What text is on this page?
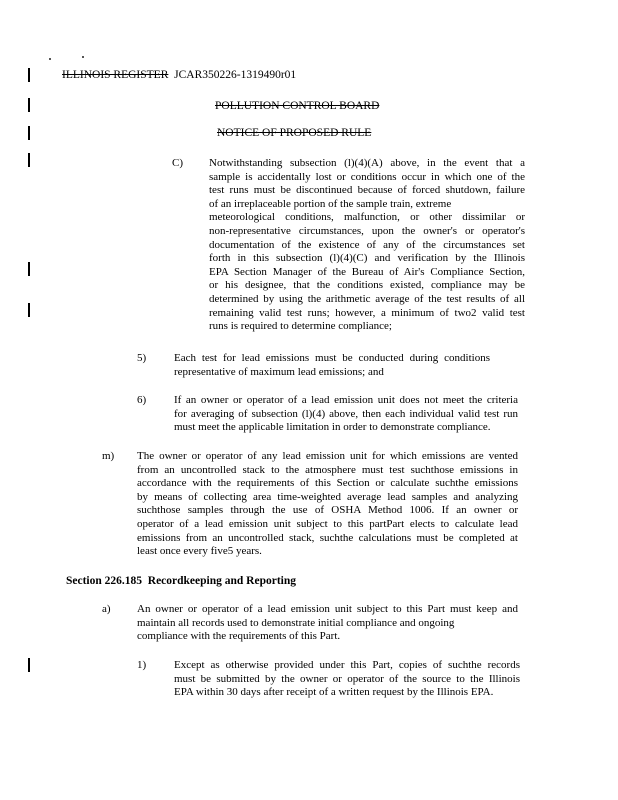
ILLINOIS REGISTER JCAR350226-1319490r01
POLLUTION CONTROL BOARD
NOTICE OF PROPOSED RULE
C) Notwithstanding subsection (l)(4)(A) above, in the event that a
sample is accidentally lost or conditions occur in which one of the
test runs must be discontinued because of forced shutdown, failure
of an irreplaceable portion of the sample train, extreme
meteorological conditions, malfunction, or other dissimilar or
non-representative circumstances, upon the owner's or operator's
documentation of the existence of any of the circumstances set
forth in this subsection (l)(4)(C) and verification by the Illinois
EPA Section Manager of the Bureau of Air's Compliance Section,
or his designee, that the conditions existed, compliance may be
determined by using the arithmetic average of the test results of all
remaining valid test runs; however, a minimum of two2 valid test
runs is required to determine compliance;
5)	Each test for lead emissions must be conducted during conditions
representative of maximum lead emissions; and
6)	If an owner or operator of a lead emission unit does not meet the criteria
for averaging of subsection (l)(4) above, then each individual valid test run
must meet the applicable limitation in order to demonstrate compliance.
m) The owner or operator of any lead emission unit for which emissions are vented
from an uncontrolled stack to the atmosphere must test suchthose emissions in
accordance with the requirements of this Section or calculate suchthe emissions
by means of collecting area time-weighted average lead samples and analyzing
suchthose samples through the use of OSHA Method 1006. If an owner or
operator of a lead emission unit subject to this partPart elects to calculate lead
emissions from an uncontrolled stack, suchthe calculations must be completed at
least once every five5 years.
Section 226.185  Recordkeeping and Reporting
a) An owner or operator of a lead emission unit subject to this Part must keep and
maintain all records used to demonstrate initial compliance and ongoing
compliance with the requirements of this Part.
1)	Except as otherwise provided under this Part, copies of suchthe records
must be submitted by the owner or operator of the source to the Illinois
EPA within 30 days after receipt of a written request by the Illinois EPA.
